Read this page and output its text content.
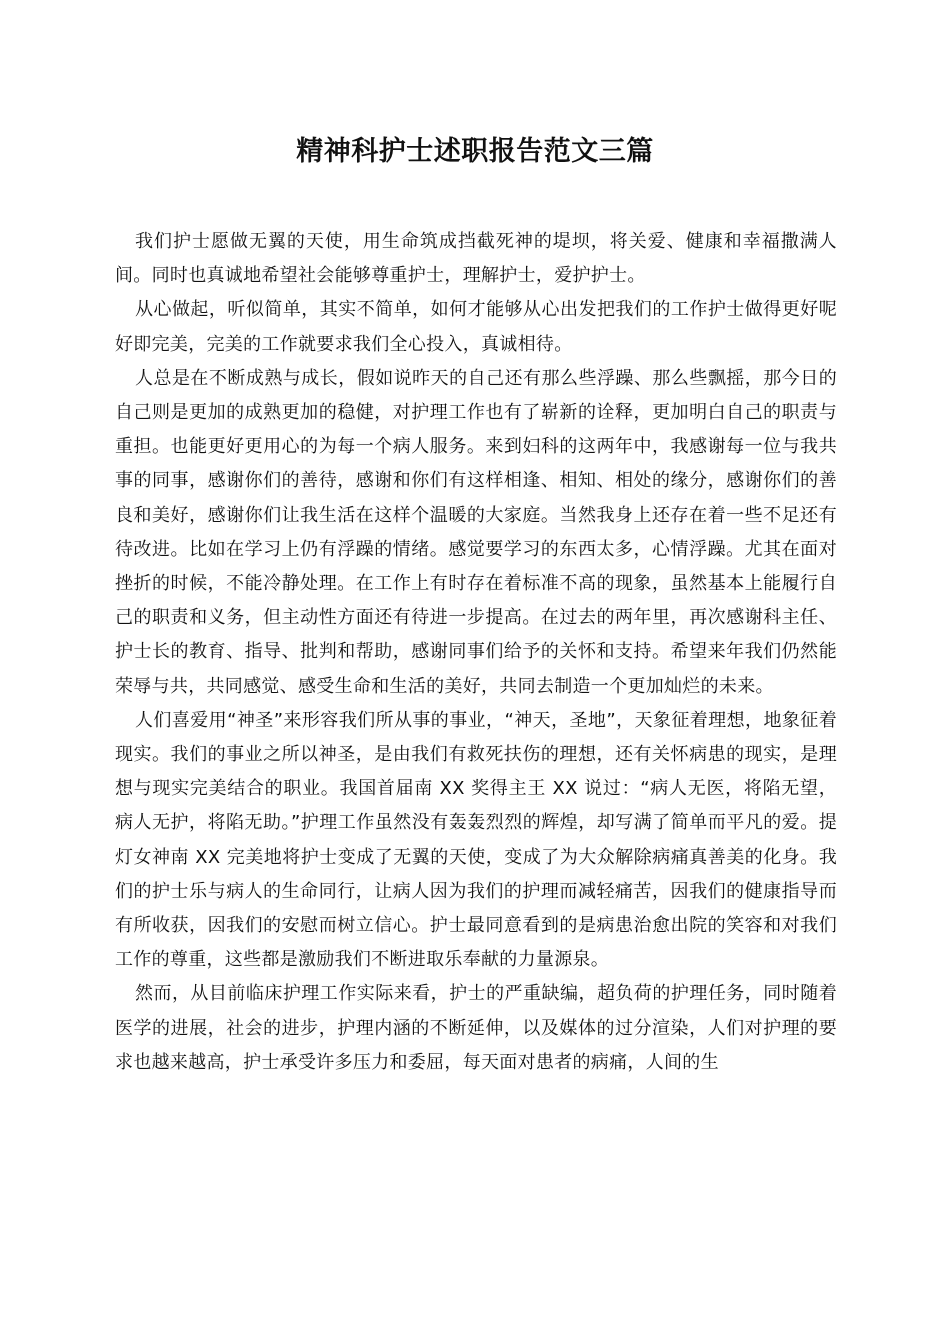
精神科护士述职报告范文三篇

我们护士愿做无翼的天使，用生命筑成挡截死神的堤坝，将关爱、健康和幸福撒满人间。同时也真诚地希望社会能够尊重护士，理解护士，爱护护士。

从心做起，听似简单，其实不简单，如何才能够从心出发把我们的工作护士做得更好呢好即完美，完美的工作就要求我们全心投入，真诚相待。

人总是在不断成熟与成长，假如说昨天的自己还有那么些浮躁、那么些飘摇，那今日的自己则是更加的成熟更加的稳健，对护理工作也有了崭新的诠释，更加明白自己的职责与重担。也能更好更用心的为每一个病人服务。来到妇科的这两年中，我感谢每一位与我共事的同事，感谢你们的善待，感谢和你们有这样相逢、相知、相处的缘分，感谢你们的善良和美好，感谢你们让我生活在这样个温暖的大家庭。当然我身上还存在着一些不足还有待改进。比如在学习上仍有浮躁的情绪。感觉要学习的东西太多，心情浮躁。尤其在面对挫折的时候，不能冷静处理。在工作上有时存在着标准不高的现象，虽然基本上能履行自己的职责和义务，但主动性方面还有待进一步提高。在过去的两年里，再次感谢科主任、护士长的教育、指导、批判和帮助，感谢同事们给予的关怀和支持。希望来年我们仍然能荣辱与共，共同感觉、感受生命和生活的美好，共同去制造一个更加灿烂的未来。

人们喜爱用“神圣”来形容我们所从事的事业，“神天，圣地”，天象征着理想，地象征着现实。我们的事业之所以神圣，是由我们有救死扶伤的理想，还有关怀病患的现实，是理想与现实完美结合的职业。我国首届南 XX 奖得主王 XX 说过：“病人无医，将陷无望，病人无护，将陷无助。”护理工作虽然没有轰轰烈烈的辉煌，却写满了简单而平凡的爱。提灯女神南 XX 完美地将护士变成了无翼的天使，变成了为大众解除病痛真善美的化身。我们的护士乐与病人的生命同行，让病人因为我们的护理而减轻痛苦，因我们的健康指导而有所收获，因我们的安慰而树立信心。护士最同意看到的是病患治愈出院的笑容和对我们工作的尊重，这些都是激励我们不断进取乐奉献的力量源泉。

然而，从目前临床护理工作实际来看，护士的严重缺编，超负荷的护理任务，同时随着医学的进展，社会的进步，护理内涵的不断延伸，以及媒体的过分渲染，人们对护理的要求也越来越高，护士承受许多压力和委屈，每天面对患者的病痛，人间的生
